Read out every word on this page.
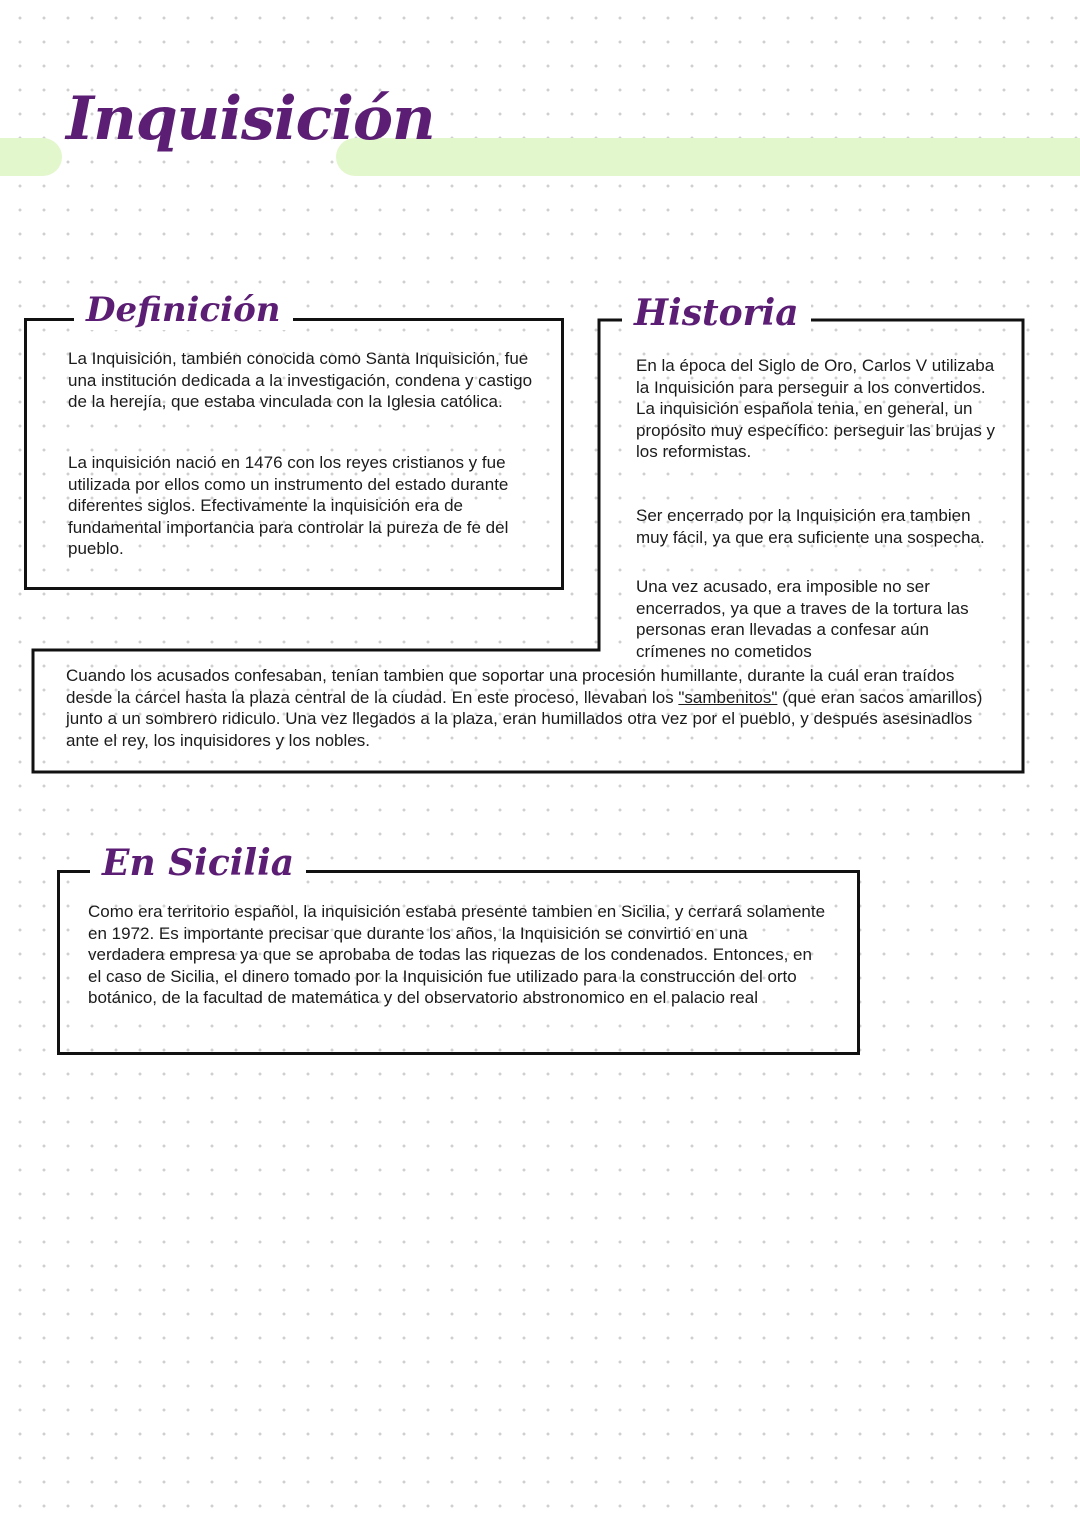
Inquisición
Definición

La Inquisición, también conocida como Santa Inquisición, fue una institución dedicada a la investigación, condena y castigo de la herejía, que estaba vinculada con la Iglesia católica.

La inquisición nació en 1476 con los reyes cristianos y fue utilizada por ellos como un instrumento del estado durante diferentes siglos. Efectivamente la inquisición era de fundamental importancia para controlar la pureza de fe del pueblo.

Historia

En la época del Siglo de Oro, Carlos V utilizaba la Inquisición para perseguir a los convertidos. La inquisición española tenia, en general, un propósito muy específico: perseguir las brujas y los reformistas.

Ser encerrado por la Inquisición era tambien muy fácil, ya que era suficiente una sospecha.

Una vez acusado, era imposible no ser encerrados, ya que a traves de la tortura las personas eran llevadas a confesar aún crímenes no cometidos

Cuando los acusados confesaban, tenían tambien que soportar una procesión humillante, durante la cuál eran traídos desde la cárcel hasta la plaza central de la ciudad. En este proceso, llevaban los "sambenitos" (que eran sacos amarillos) junto a un sombrero ridiculo. Una vez llegados a la plaza, eran humillados otra vez por el pueblo, y después asesinadlos ante el rey, los inquisidores y los nobles.

En Sicilia

Como era territorio español, la inquisición estaba presente tambien en Sicilia, y cerrará solamente en 1972. Es importante precisar que durante los años, la Inquisición se convirtió en una verdadera empresa ya que se aprobaba de todas las riquezas de los condenados. Entonces, en el caso de Sicilia, el dinero tomado por la Inquisición fue utilizado para la construcción del orto botánico, de la facultad de matemática y del observatorio abstronomico en el palacio real
